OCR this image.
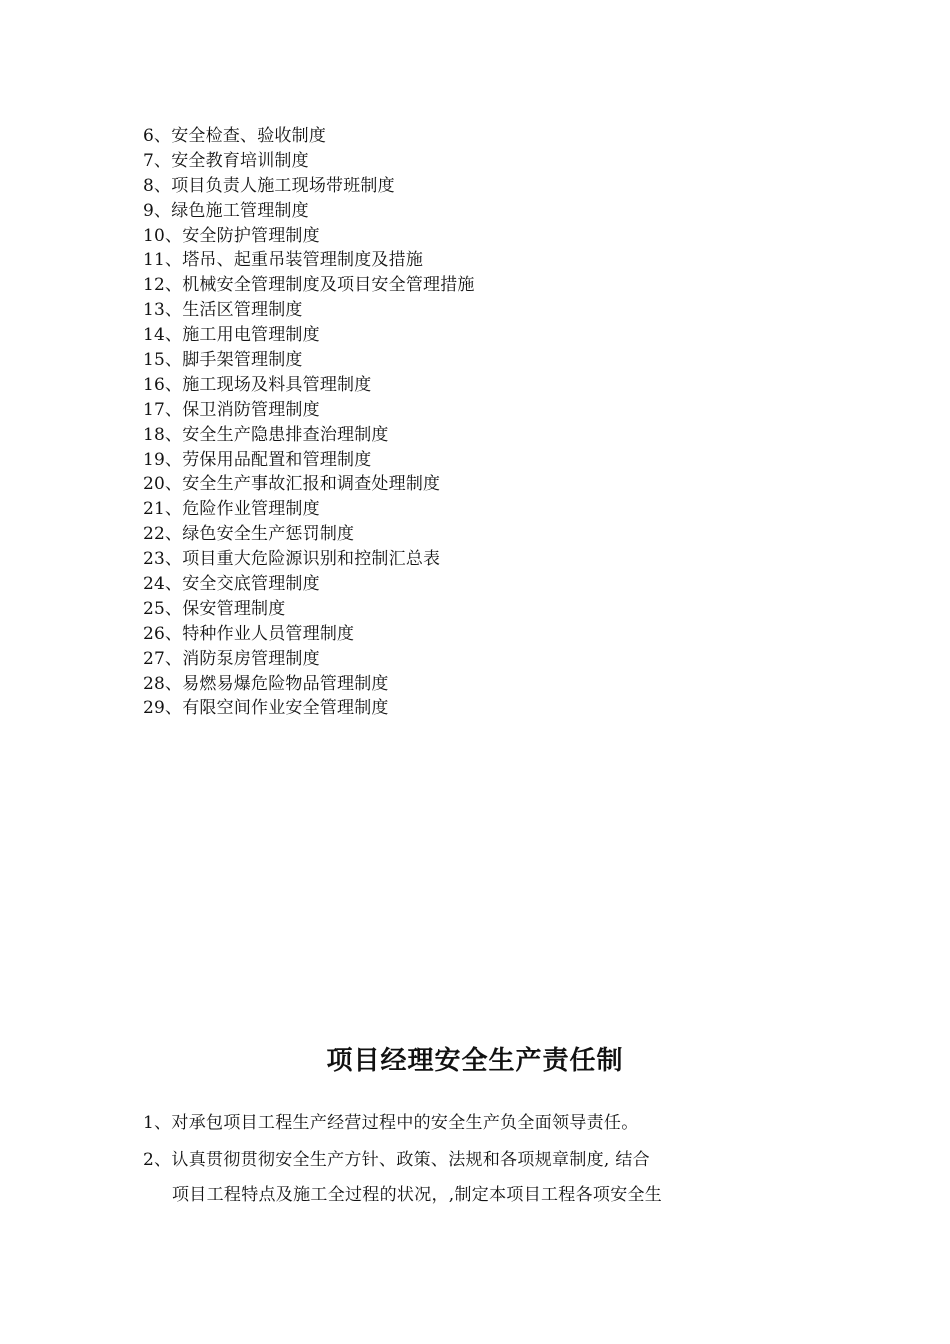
6、安全检查、验收制度
7、安全教育培训制度
8、项目负责人施工现场带班制度
9、绿色施工管理制度
10、安全防护管理制度
11、塔吊、起重吊装管理制度及措施
12、机械安全管理制度及项目安全管理措施
13、生活区管理制度
14、施工用电管理制度
15、脚手架管理制度
16、施工现场及料具管理制度
17、保卫消防管理制度
18、安全生产隐患排查治理制度
19、劳保用品配置和管理制度
20、安全生产事故汇报和调查处理制度
21、危险作业管理制度
22、绿色安全生产惩罚制度
23、项目重大危险源识别和控制汇总表
24、安全交底管理制度
25、保安管理制度
26、特种作业人员管理制度
27、消防泵房管理制度
28、易燃易爆危险物品管理制度
29、有限空间作业安全管理制度
项目经理安全生产责任制

1、对承包项目工程生产经营过程中的安全生产负全面领导责任。

2、认真贯彻贯彻安全生产方针、政策、法规和各项规章制度, 结合

项目工程特点及施工全过程的状况，,制定本项目工程各项安全生
